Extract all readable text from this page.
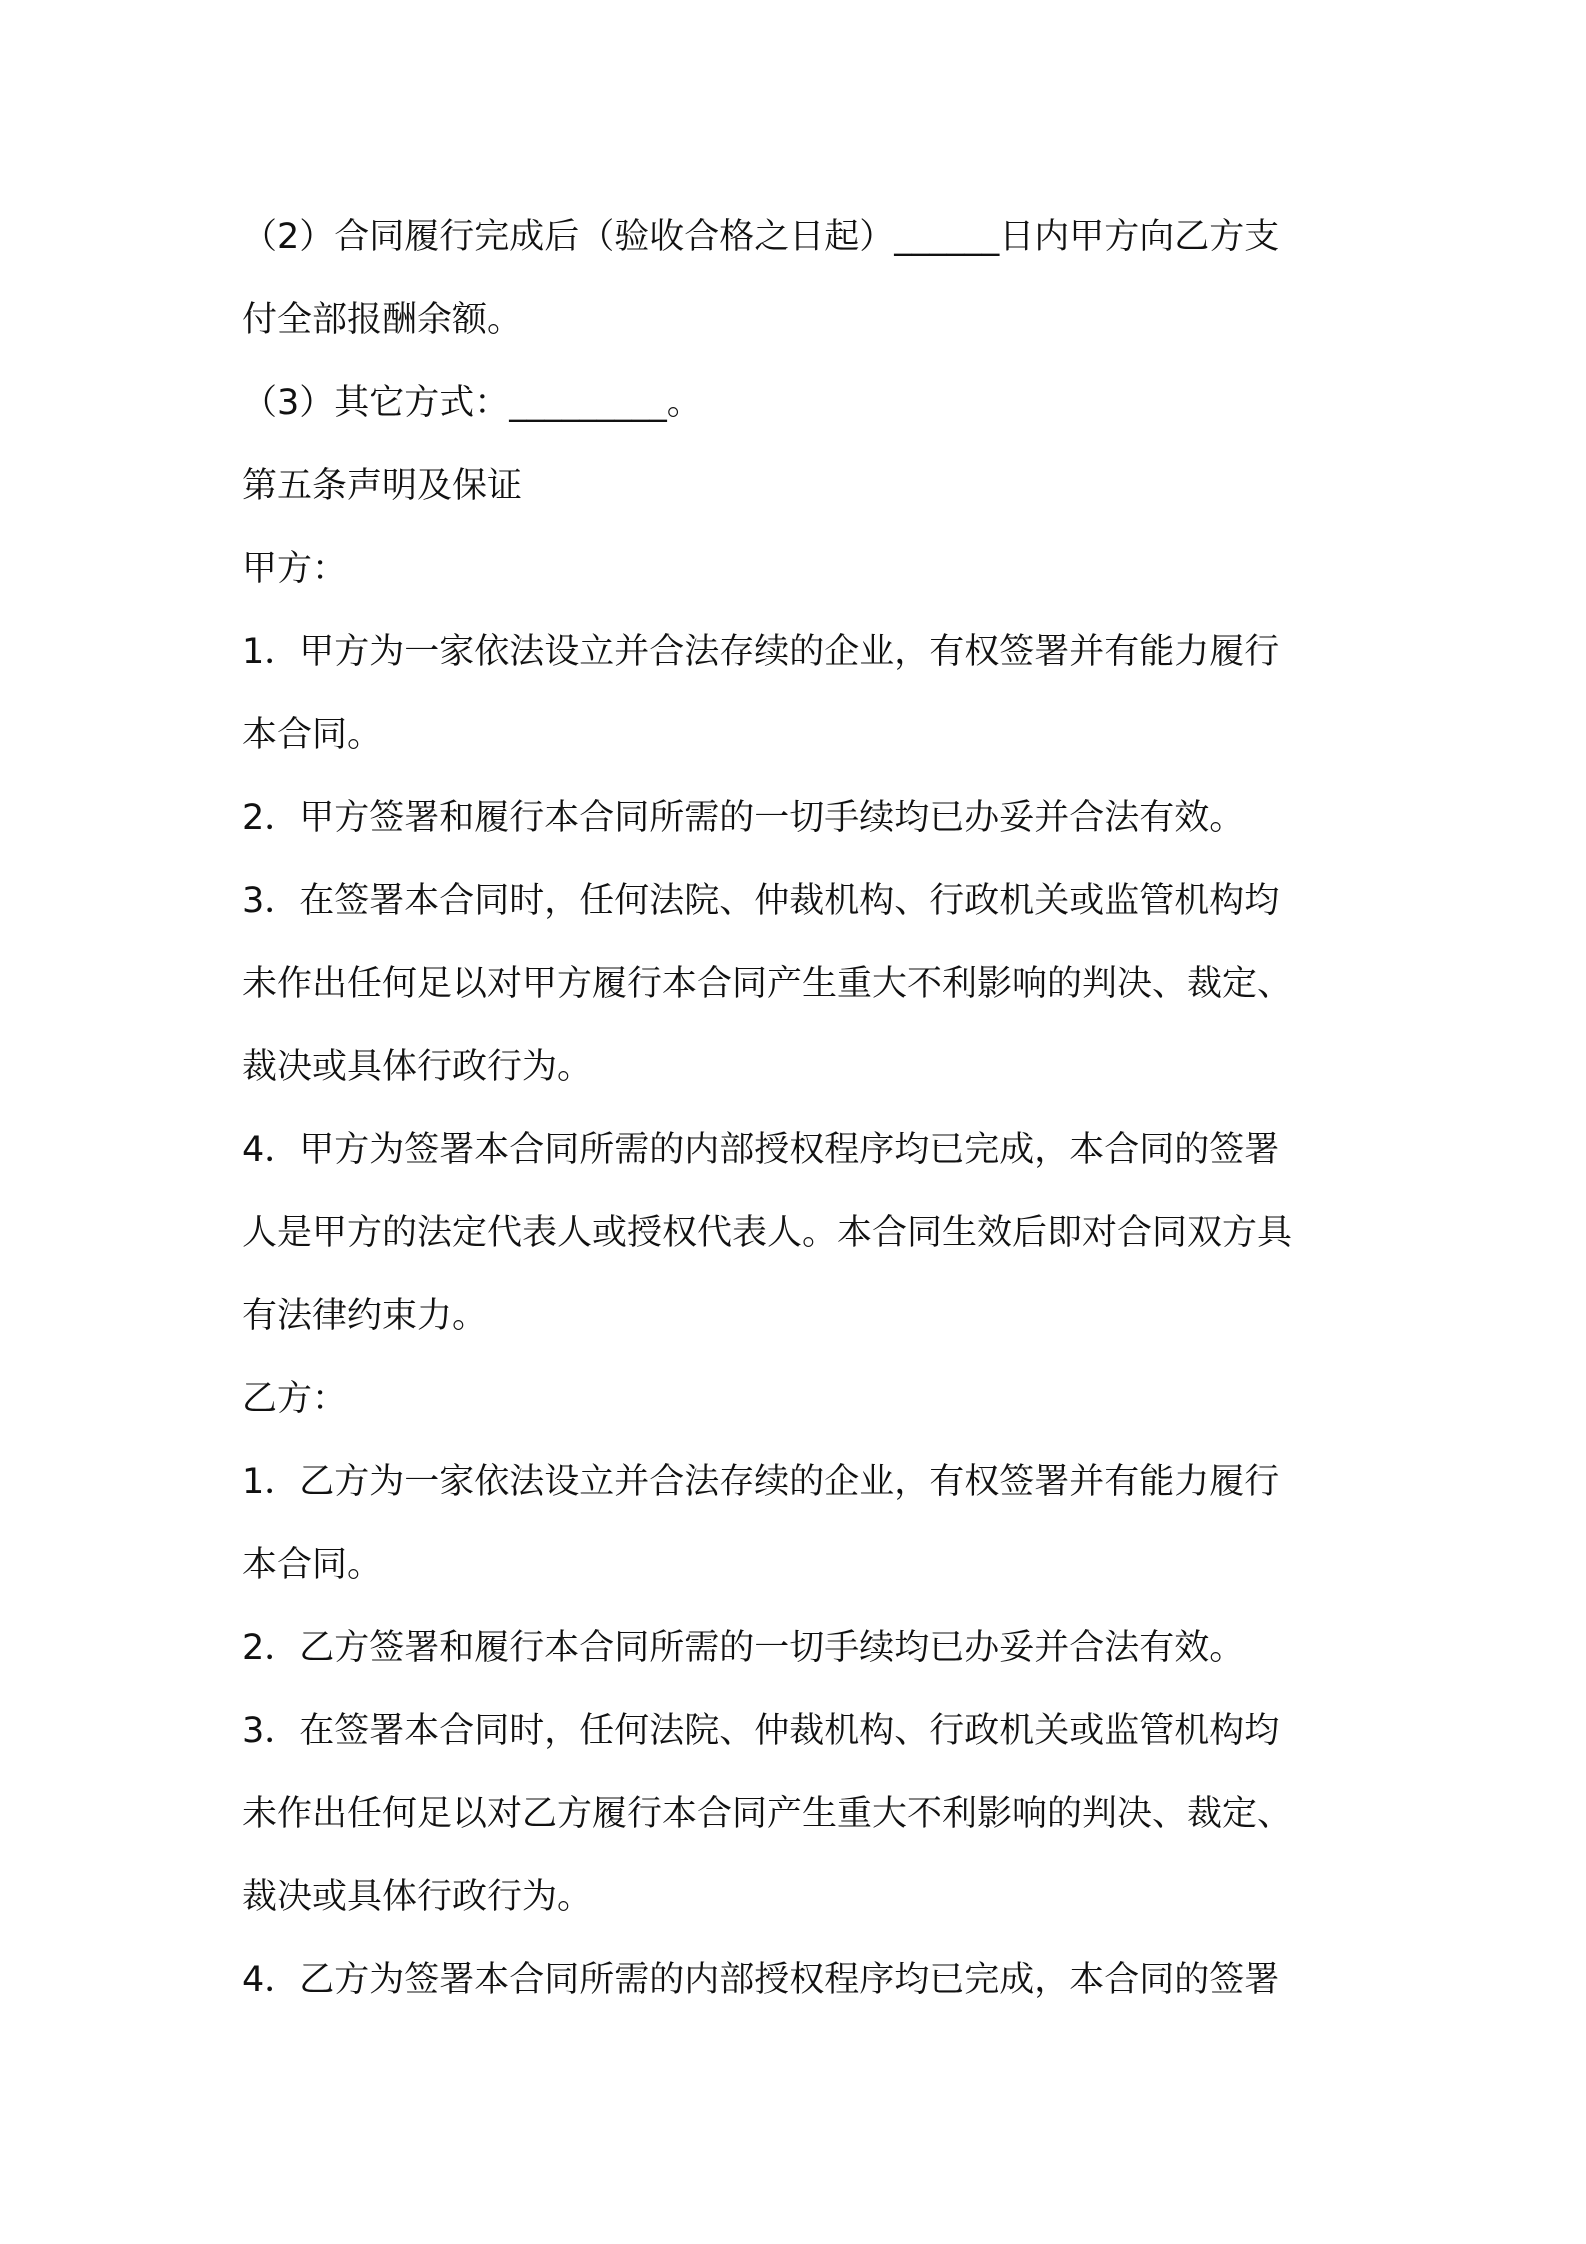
（2）合同履行完成后（验收合格之日起）______日内甲方向乙方支
付全部报酬余额。
（3）其它方式：_________。
第五条声明及保证
甲方：
1．甲方为一家依法设立并合法存续的企业，有权签署并有能力履行
本合同。
2．甲方签署和履行本合同所需的一切手续均已办妥并合法有效。
3．在签署本合同时，任何法院、仲裁机构、行政机关或监管机构均
未作出任何足以对甲方履行本合同产生重大不利影响的判决、裁定、
裁决或具体行政行为。
4．甲方为签署本合同所需的内部授权程序均已完成，本合同的签署
人是甲方的法定代表人或授权代表人。本合同生效后即对合同双方具
有法律约束力。
乙方：
1．乙方为一家依法设立并合法存续的企业，有权签署并有能力履行
本合同。
2．乙方签署和履行本合同所需的一切手续均已办妥并合法有效。
3．在签署本合同时，任何法院、仲裁机构、行政机关或监管机构均
未作出任何足以对乙方履行本合同产生重大不利影响的判决、裁定、
裁决或具体行政行为。
4．乙方为签署本合同所需的内部授权程序均已完成，本合同的签署
